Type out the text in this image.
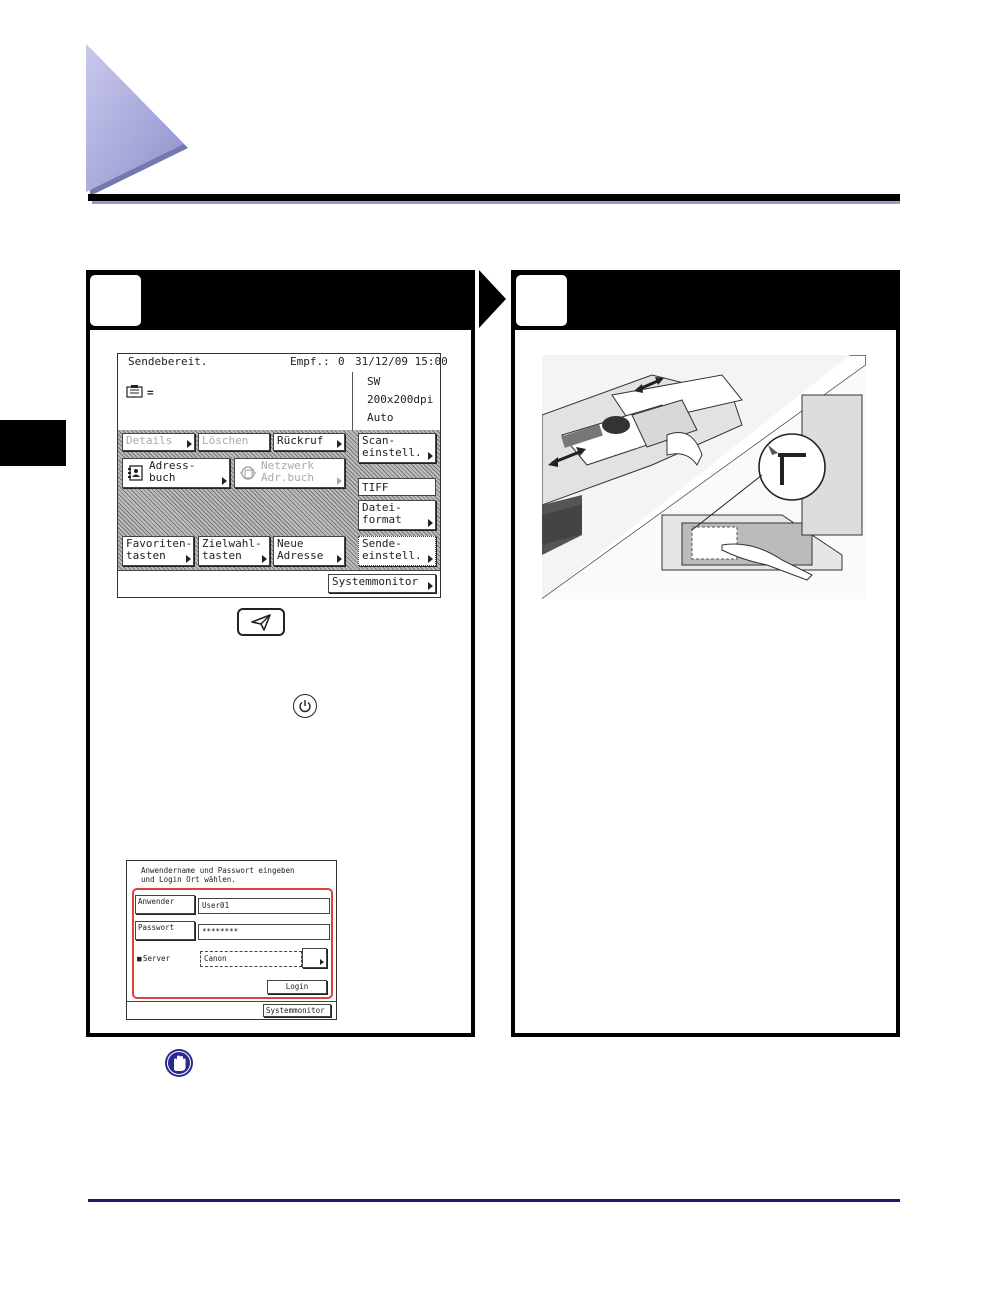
Sendebereit.	Empf.: 0 31/12/09 15:00
=
SW
200x200dpi
Auto
Details	Löschen	Rückruf	Scan-
einstell.
Adress-
buch
Netzwerk
Adr.buch
TIFF
Datei-
format
Favoriten-
tasten
Zielwahl-
tasten
Neue
Adresse
Sende-
einstell.
Systemmonitor
Anwendername und Passwort eingeben
und Login Ort wählen.
Anwender	User01
Passwort	********
■ Server	Canon
Login
Systemmonitor
